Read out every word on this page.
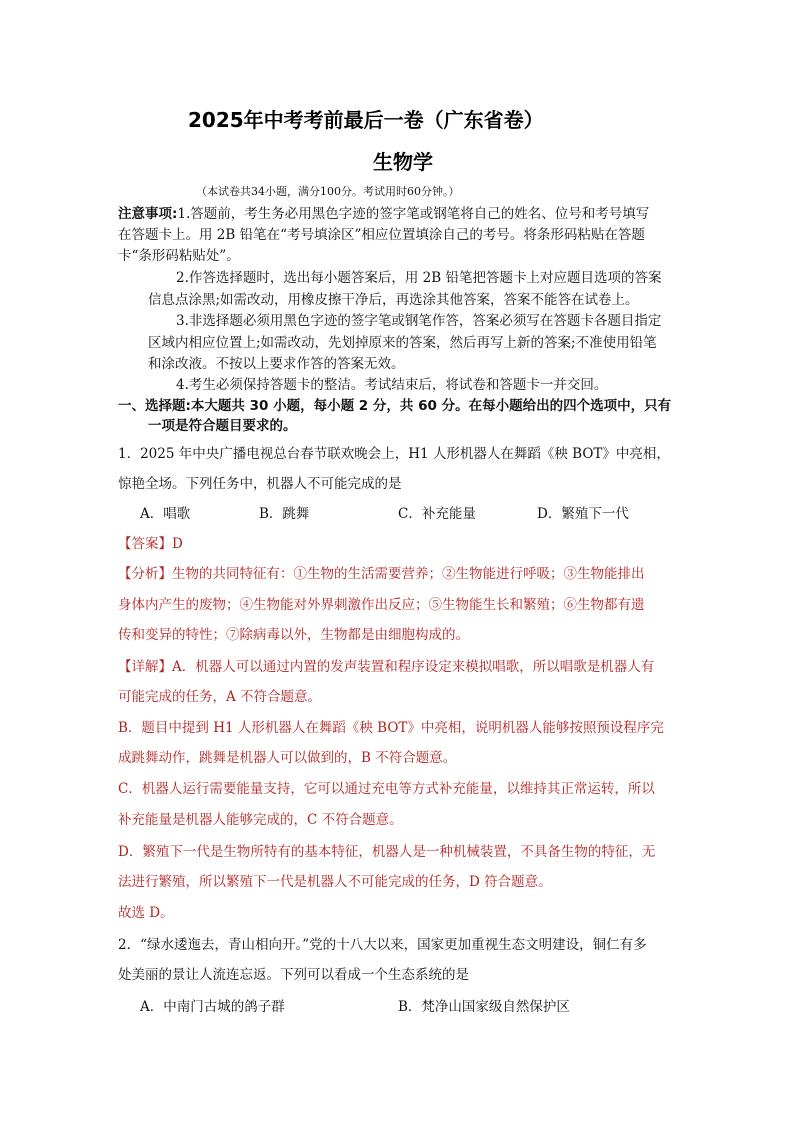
2025年中考考前最后一卷（广东省卷）
生物学
（本试卷共34小题，满分100分。考试用时60分钟。）
注意事项:1.答题前，考生务必用黑色字迹的签字笔或钢笔将自己的姓名、位号和考号填写
在答题卡上。用 2B 铅笔在“考号填涂区”相应位置填涂自己的考号。将条形码粘贴在答题
卡“条形码粘贴处”。
2.作答选择题时，选出每小题答案后，用 2B 铅笔把答题卡上对应题目选项的答案
信息点涂黑;如需改动，用橡皮擦干净后，再选涂其他答案，答案不能答在试卷上。
3.非选择题必须用黑色字迹的签字笔或钢笔作答，答案必须写在答题卡各题目指定
区域内相应位置上;如需改动，先划掉原来的答案，然后再写上新的答案;不准使用铅笔
和涂改液。不按以上要求作答的答案无效。
4.考生必须保持答题卡的整洁。考试结束后，将试卷和答题卡一并交回。
一、选择题:本大题共 30 小题，每小题 2 分，共 60 分。在每小题给出的四个选项中，只有
一项是符合题目要求的。
1．2025 年中央广播电视总台春节联欢晚会上，H1 人形机器人在舞蹈《秧 BOT》中亮相，
惊艳全场。下列任务中，机器人不可能完成的是
A．唱歌	B．跳舞	C．补充能量	D．繁殖下一代
【答案】D
【分析】生物的共同特征有：①生物的生活需要营养；②生物能进行呼吸；③生物能排出
身体内产生的废物；④生物能对外界刺激作出反应；⑤生物能生长和繁殖；⑥生物都有遗
传和变异的特性；⑦除病毒以外，生物都是由细胞构成的。
【详解】A．机器人可以通过内置的发声装置和程序设定来模拟唱歌，所以唱歌是机器人有
可能完成的任务，A 不符合题意。
B．题目中提到 H1 人形机器人在舞蹈《秧 BOT》中亮相，说明机器人能够按照预设程序完
成跳舞动作，跳舞是机器人可以做到的，B 不符合题意。
C．机器人运行需要能量支持，它可以通过充电等方式补充能量，以维持其正常运转，所以
补充能量是机器人能够完成的，C 不符合题意。
D．繁殖下一代是生物所特有的基本特征，机器人是一种机械装置，不具备生物的特征，无
法进行繁殖，所以繁殖下一代是机器人不可能完成的任务，D 符合题意。
故选 D。
2．“绿水逶迤去，青山相向开。”党的十八大以来，国家更加重视生态文明建设，铜仁有多
处美丽的景让人流连忘返。下列可以看成一个生态系统的是
A．中南门古城的鸽子群	B．梵净山国家级自然保护区
